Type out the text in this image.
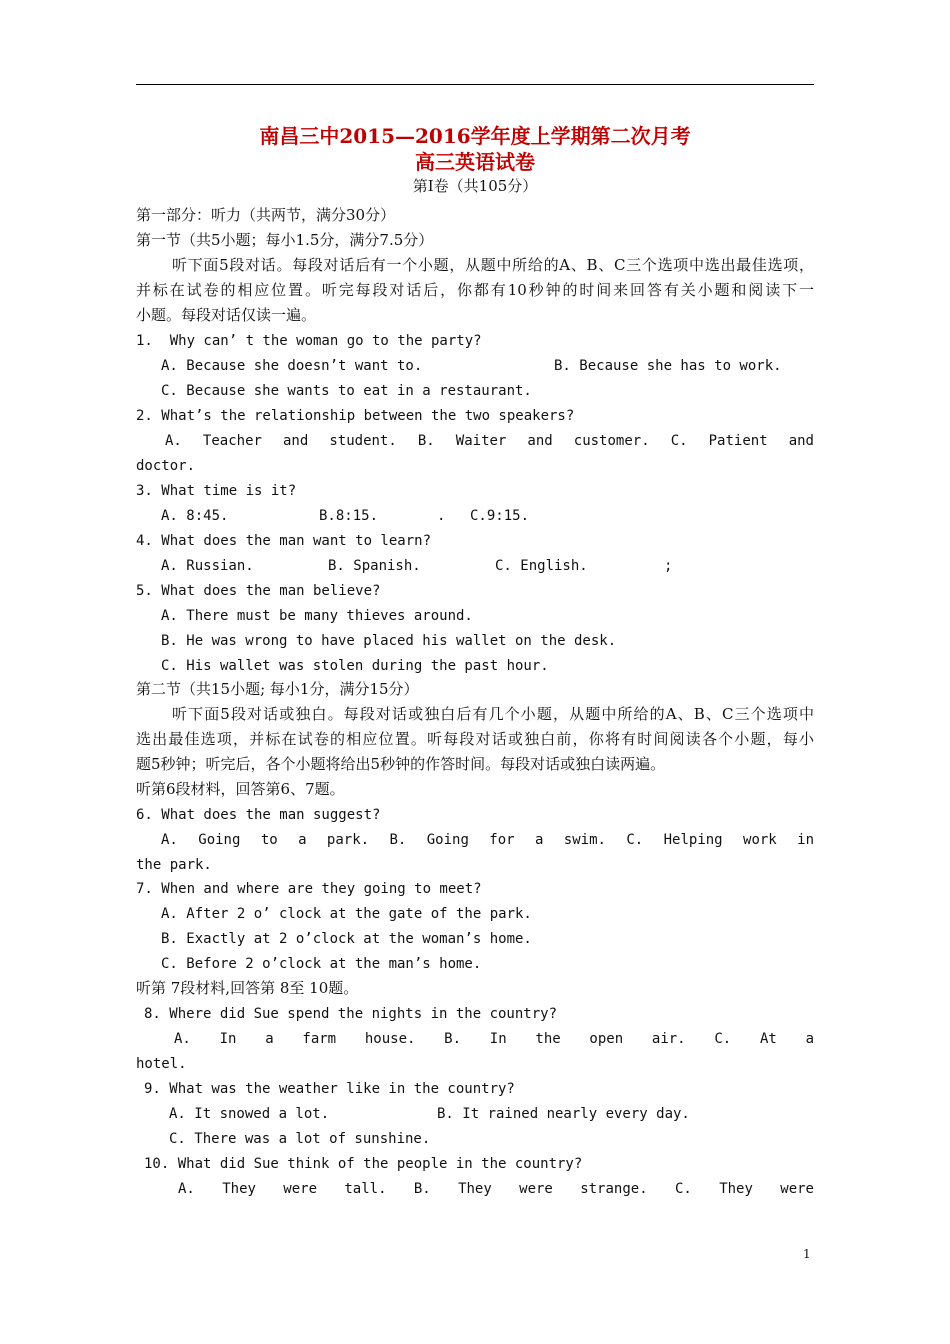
南昌三中2015—2016学年度上学期第二次月考
高三英语试卷
第Ⅰ卷（共105分）
第一部分：听力（共两节，满分30分）
第一节（共5小题；每小1.5分，满分7.5分）
听下面5段对话。每段对话后有一个小题，从题中所给的A、B、C三个选项中选出最佳选项，
并标在试卷的相应位置。听完每段对话后，你都有10秒钟的时间来回答有关小题和阅读下一
小题。每段对话仅读一遍。
1.  Why can’ t the woman go to the party?
A. Because she doesn’t want to.	B. Because she has to work.
C. Because she wants to eat in a restaurant.
2. What’s the relationship between the two speakers?
A. Teacher and student. B. Waiter and customer. C. Patient and
doctor.
3. What time is it?
A. 8:45.	B.8:15.	. C.9:15.
4. What does the man want to learn?
A. Russian.	B. Spanish.	C. English.	;
5. What does the man believe?
A. There must be many thieves around.
B. He was wrong to have placed his wallet on the desk.
C. His wallet was stolen during the past hour.
第二节（共15小题; 每小1分，满分15分）
听下面5段对话或独白。每段对话或独白后有几个小题，从题中所给的A、B、C三个选项中
选出最佳选项，并标在试卷的相应位置。听每段对话或独白前，你将有时间阅读各个小题，每小
题5秒钟；听完后，各个小题将给出5秒钟的作答时间。每段对话或独白读两遍。
听第6段材料，回答第6、7题。
6. What does the man suggest?
A. Going to a park. B. Going for a swim. C. Helping work in
the park.
7. When and where are they going to meet?
A. After 2 o’ clock at the gate of the park.
B. Exactly at 2 o’clock at the woman’s home.
C. Before 2 o’clock at the man’s home.
听第 7段材料,回答第 8至 10题。
8. Where did Sue spend the nights in the country?
A. In a farm house. B. In the open air. C. At a
hotel.
9. What was the weather like in the country?
A. It snowed a lot.	B. It rained nearly every day.
C. There was a lot of sunshine.
10. What did Sue think of the people in the country?
A. They were tall. B. They were strange. C. They were
1
